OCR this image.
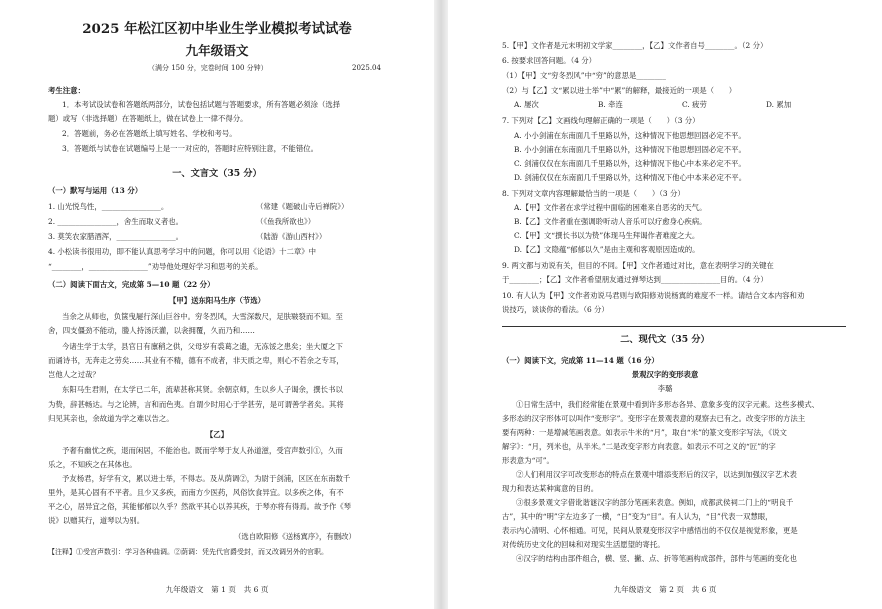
2025 年松江区初中毕业生学业模拟考试试卷
九年级语文
（满分 150 分，完卷时间 100 分钟）	2025.04
考生注意：
1．本考试设试卷和答题纸两部分，试卷包括试题与答题要求，所有答题必须涂（选择
题）或写（非选择题）在答题纸上，做在试卷上一律不得分。
2．答题前，务必在答题纸上填写姓名、学校和考号。
3．答题纸与试卷在试题编号上是一一对应的，答题时应特别注意，不能错位。
一、文言文（35 分）
（一）默写与运用（13 分）
1. 山光悦鸟性，________________。	（常建《题破山寺后禅院》）
2. ________________，舍生而取义者也。	（《鱼我所欲也》）
3. 莫笑农家腊酒浑，________________。	（陆游《游山西村》）
4. 小松读书很用功，即不能认真思考学习中的问题，你可以用《论语》十二章》中
“________，________________”劝导他处理好学习和思考的关系。
（二）阅读下面古文，完成第 5—10 题（22 分）
【甲】送东阳马生序（节选）
当余之从师也，负箧曳屣行深山巨谷中。穷冬烈风，大雪深数尺，足肤皲裂而不知。至
舍，四支僵劲不能动，媵人持汤沃灌，以衾拥覆，久而乃和……
今诸生学于太学，县官日有廪稍之供，父母岁有裘葛之遗，无冻馁之患矣；坐大厦之下
而诵诗书，无奔走之劳矣……其业有不精，德有不成者，非天质之卑，则心不若余之专耳，
岂他人之过哉？
东阳马生君则，在太学已二年，流辈甚称其贤。余朝京师，生以乡人子谒余，撰长书以
为贽，辞甚畅达。与之论辨，言和而色夷。自谓少时用心于学甚劳，是可谓善学者矣。其将
归见其亲也，余故道为学之难以告之。
【乙】
予奢有幽忧之疾，退而闲居，不能治也。既而学琴于友人孙道滋，受宫声数引①，久而
乐之，不知疾之在其体也。
予友杨君，好学有文，累以进士举，不得志。及从荫调②，为尉于剑浦，区区在东南数千
里外，是其心固有不平者。且少又多疾，而南方少医药，风俗饮食异宜。以多疾之体，有不
平之心，居异宜之俗，其能郁郁以久乎？然欲平其心以养其疾，于琴亦将有得焉。故予作《琴
说》以赠其行，道琴以为别。
（选自欧阳修《送杨寘序》，有删改）
【注释】①受宫声数引：学习各种曲调。②荫调：凭先代官爵受封，而又改调另外的官职。
九年级语文　第 1 页　共 6 页
5.【甲】文作者是元末明初文学家________，【乙】文作者自号________。（2 分）
6. 按要求回答问题。（4 分）
（1）【甲】文“穷冬烈风”中“穷”的意思是________
（2）与【乙】文“累以进士举”中“累”的解释，最接近的一项是（　　）
A. 屡次	B. 牵连	C. 疲劳	D. 累加
7. 下列对【乙】文画线句理解正确的一项是（　　）（3 分）
A. 小小剑浦在东南面几千里路以外，这种情况下他思想回固必定不平。
B. 小小剑浦在东南面几千里路以外，这种情况下他思想回固必定不平。
C. 剑浦仅仅在东南面几千里路以外，这种情况下他心中本来必定不平。
D. 剑浦仅仅在东南面几千里路以外，这种情况下他心中本来必定不平。
8. 下列对文章内容理解最恰当的一项是（　　）（3 分）
A.【甲】文作者在求学过程中面临的困难来自恶劣的天气。
B.【乙】文作者重在强调聆听动人音乐可以疗愈身心疾病。
C.【甲】文“撰长书以为贽”体现马生拜谒作者难度之大。
D.【乙】文隐蕴“郁郁以久”是由主观和客观原因造成的。
9. 两文都与劝说有关，但目的不同。【甲】文作者通过对比，意在表明学习的关键在
于________；【乙】文作者希望朋友通过弹琴达到________________目的。（4 分）
10. 有人认为【甲】文作者劝说马君则与欧阳修劝说杨寘的难度不一样。请结合文本内容和劝
说技巧，谈谈你的看法。（6 分）
二、现代文（35 分）
（一）阅读下文，完成第 11—14 题（16 分）
景观汉字的变形表意
李璐
①日常生活中，我们经常能在景观中看到许多形态各异、意象多变的汉字元素。这些多模式、
多形态的汉字形体可以叫作“变形字”。变形字在景观表意的观察去已有之。改变字形的方法主
要有两种：一是增减笔画表意。如表示牛米的“月”，取自“米”的篆文变形字写法，《说文
解字》：“月，列米也，从半米。”二是改变字形方向表意。如表示不可之义的“匠”的字
形表意为“可”。
②人们利用汉字可改变形态的特点在景观中增添变形后的汉字，以达到加强汉字艺术表
现力和表达某种寓意的目的。
③很多景观文字借讹谐谜汉字的部分笔画来表意。例如，成都武侯祠二门上的“明良千
古”，其中的“明”字左边多了一横，“日”变为“目”。有人认为，“目”代表一双慧眼，
表示内心清明、心怀相通。可见，民间从景观变形汉字中感悟出的不仅仅是视觉形象，更是
对传统历史文化的回味和对现实生活愿望的寄托。
④汉字的结构由部件组合，横、竖、撇、点、折等笔画构成部件，部件与笔画的变化也
九年级语文　第 2 页　共 6 页
